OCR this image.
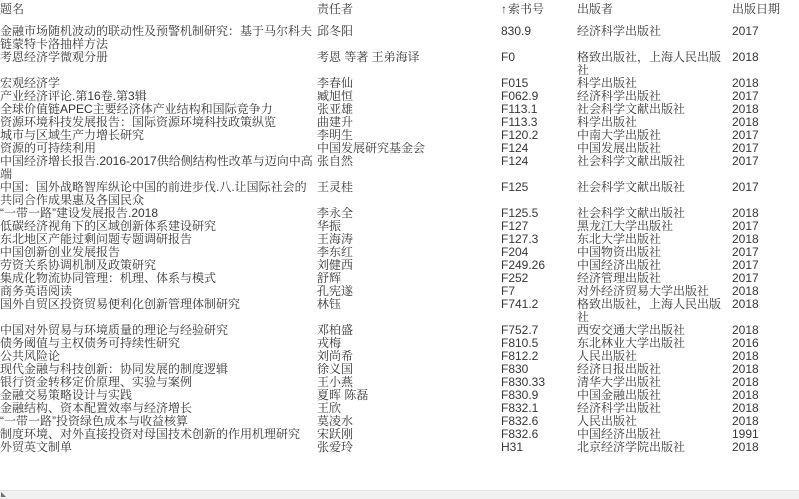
题名	责任者	↑索书号	出版者	出版日期
金融市场随机波动的联动性及预警机制研究：基于马尔科夫链蒙特卡洛抽样方法	邱冬阳	830.9	经济科学出版社	2017
考恩经济学微观分册	考恩 等著 王弟海译	F0	格致出版社，上海人民出版社	2018
宏观经济学	李春仙	F015	科学出版社	2018
产业经济评论.第16卷.第3辑	臧旭恒	F062.9	经济科学出版社	2017
全球价值链APEC主要经济体产业结构和国际竞争力	张亚雄	F113.1	社会科学文献出版社	2018
资源环境科技发展报告：国际资源环境科技政策纵览	曲建升	F113.3	科学出版社	2018
城市与区域生产力增长研究	李明生	F120.2	中南大学出版社	2017
资源的可持续利用	中国发展研究基金会	F124	中国发展出版社	2017
中国经济增长报告.2016-2017供给侧结构性改革与迈向中高端	张自然	F124	社会科学文献出版社	2017
中国：国外战略智库纵论中国的前进步伐.八.让国际社会的共同合作成果惠及各国民众	王灵桂	F125	社会科学文献出版社	2017
“一带一路”建设发展报告.2018	李永全	F125.5	社会科学文献出版社	2018
低碳经济视角下的区域创新体系建设研究	华振	F127	黑龙江大学出版社	2017
东北地区产能过剩问题专题调研报告	王海涛	F127.3	东北大学出版社	2018
中国创新创业发展报告	李东红	F204	中国物资出版社	2017
劳资关系协调机制及政策研究	刘健西	F249.26	中国经济出版社	2017
集成化物流协同管理：机理、体系与模式	舒辉	F252	经济管理出版社	2017
商务英语阅读	孔宪遂	F7	对外经济贸易大学出版社	2018
国外自贸区投资贸易便利化创新管理体制研究	林钰	F741.2	格致出版社，上海人民出版社	2018
中国对外贸易与环境质量的理论与经验研究	邓柏盛	F752.7	西安交通大学出版社	2018
债务阈值与主权债务可持续性研究	戎梅	F810.5	东北林业大学出版社	2016
公共风险论	刘尚希	F812.2	人民出版社	2018
现代金融与科技创新：协同发展的制度逻辑	徐义国	F830	经济日报出版社	2018
银行资金转移定价原理、实验与案例	王小燕	F830.33	清华大学出版社	2018
金融交易策略设计与实践	夏晖 陈磊	F830.9	中国金融出版社	2018
金融结构、资本配置效率与经济增长	王欣	F832.1	经济科学出版社	2018
“一带一路”投资绿色成本与收益核算	莫凌水	F832.6	人民出版社	2018
制度环境、对外直接投资对母国技术创新的作用机理研究	宋跃刚	F832.6	中国经济出版社	1991
外贸英文制单	张爱玲	H31	北京经济学院出版社	2018
